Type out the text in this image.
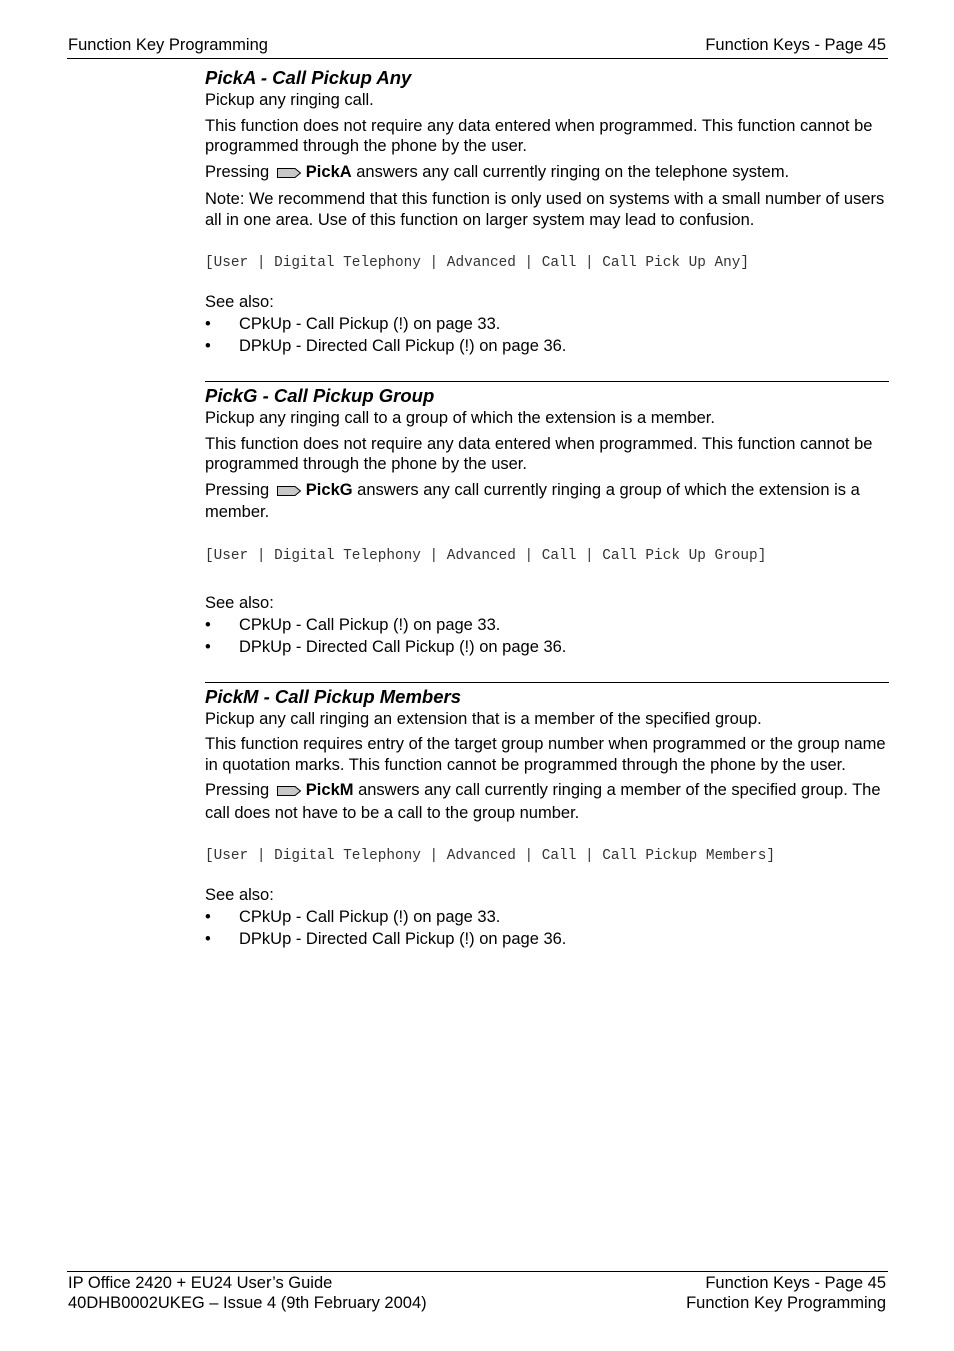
Function Key Programming	Function Keys - Page 45
PickA - Call Pickup Any

Pickup any ringing call.

This function does not require any data entered when programmed. This function cannot be programmed through the phone by the user.

Pressing PickA answers any call currently ringing on the telephone system.

Note: We recommend that this function is only used on systems with a small number of users all in one area. Use of this function on larger system may lead to confusion.

[User | Digital Telephony | Advanced | Call | Call Pick Up Any]

See also:

• CPkUp - Call Pickup (!) on page 33.
• DPkUp - Directed Call Pickup (!) on page 36.
PickG - Call Pickup Group

Pickup any ringing call to a group of which the extension is a member.

This function does not require any data entered when programmed. This function cannot be programmed through the phone by the user.

Pressing PickG answers any call currently ringing a group of which the extension is a member.

[User | Digital Telephony | Advanced | Call | Call Pick Up Group]

See also:

• CPkUp - Call Pickup (!) on page 33.
• DPkUp - Directed Call Pickup (!) on page 36.
PickM - Call Pickup Members

Pickup any call ringing an extension that is a member of the specified group.

This function requires entry of the target group number when programmed or the group name in quotation marks. This function cannot be programmed through the phone by the user.

Pressing PickM answers any call currently ringing a member of the specified group. The call does not have to be a call to the group number.

[User | Digital Telephony | Advanced | Call | Call Pickup Members]

See also:

• CPkUp - Call Pickup (!) on page 33.
• DPkUp - Directed Call Pickup (!) on page 36.
IP Office 2420 + EU24 User’s Guide	Function Keys - Page 45
40DHB0002UKEG – Issue 4 (9th February 2004)	Function Key Programming
